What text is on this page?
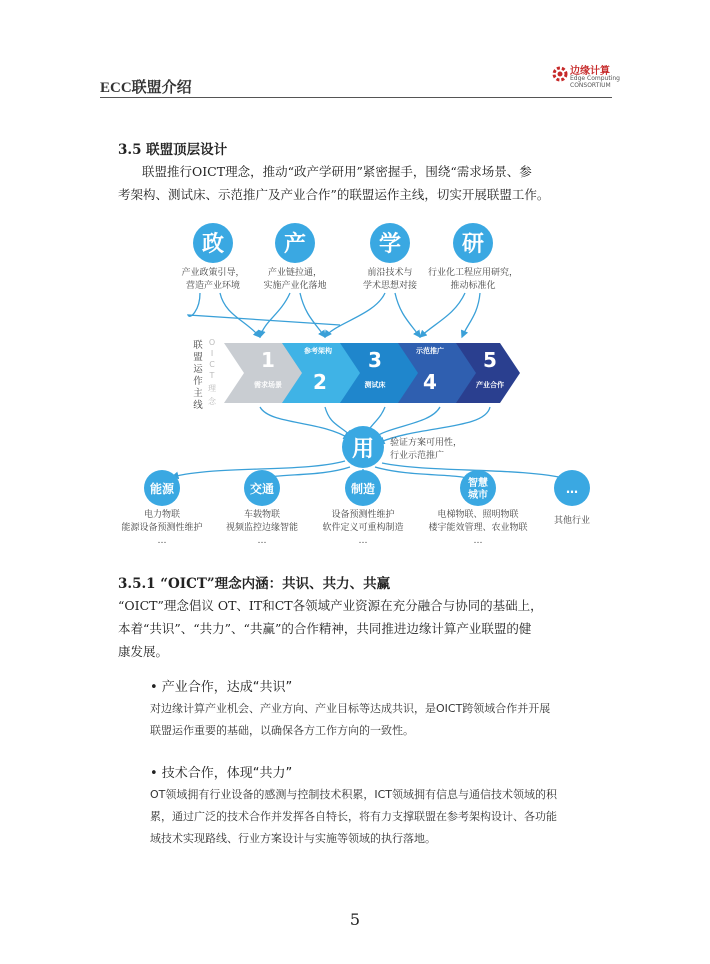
ECC联盟介绍
边缘计算
Edge Computing
CONSORTIUM
3.5 联盟顶层设计
联盟推行OICT理念，推动“政产学研用”紧密握手，围绕“需求场景、参
考架构、测试床、示范推广及产业合作”的联盟运作主线，切实开展联盟工作。
政	产	学	研
产业政策引导，
营造产业环境
产业链拉通，
实施产业化落地
前沿技术与
学术思想对接
行业化工程应用研究，
推动标准化
联
盟
运
作
主
线
O
I
C
T
理
念
1
需求场景
参考架构
2
3
测试床
示范推广
4
5
产业合作
用 验证方案可用性，
行业示范推广
能源	交通	制造	智慧
城市	…
电力物联
能源设备预测性维护
…
车载物联
视频监控边缘智能
…
设备预测性维护
软件定义可重构制造
…
电梯物联、照明物联
楼宇能效管理、农业物联
…
其他行业
3.5.1 “OICT”理念内涵：共识、共力、共赢
“OICT”理念倡议 OT、IT和CT各领域产业资源在充分融合与协同的基础上，
本着“共识”、“共力”、“共赢”的合作精神，共同推进边缘计算产业联盟的健
康发展。
• 产业合作，达成“共识”
对边缘计算产业机会、产业方向、产业目标等达成共识，是OICT跨领域合作并开展
联盟运作重要的基础，以确保各方工作方向的一致性。
• 技术合作，体现“共力”
OT领域拥有行业设备的感测与控制技术积累，ICT领域拥有信息与通信技术领域的积
累，通过广泛的技术合作并发挥各自特长，将有力支撑联盟在参考架构设计、各功能
域技术实现路线、行业方案设计与实施等领域的执行落地。
5
